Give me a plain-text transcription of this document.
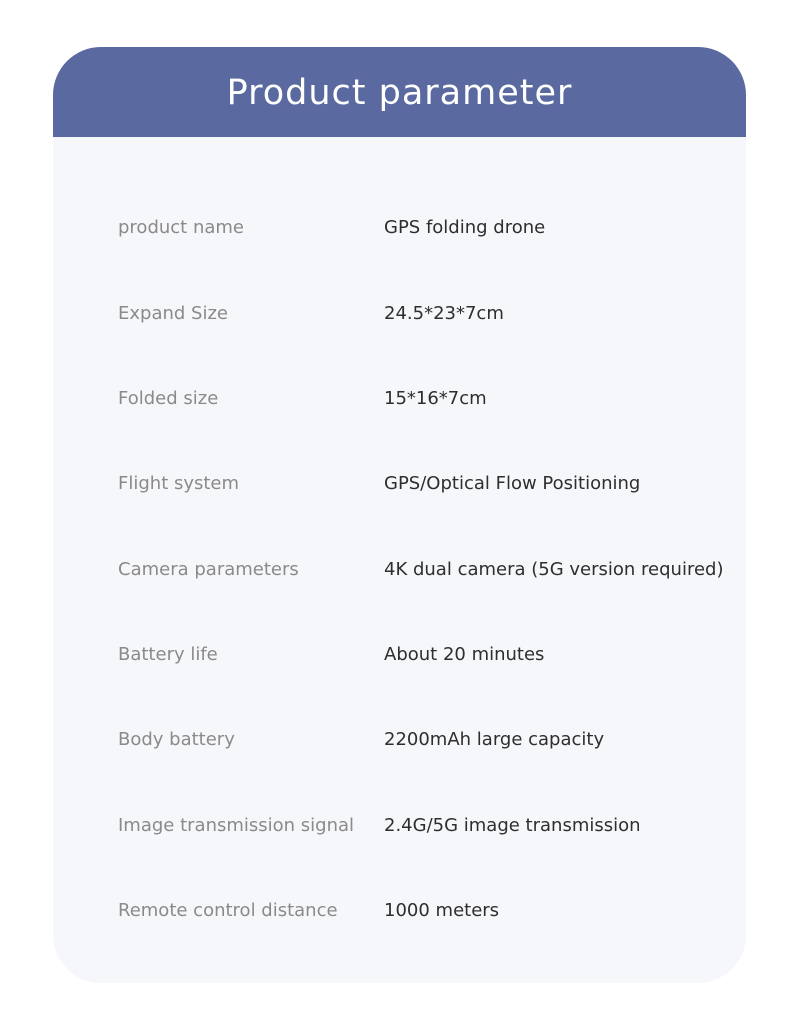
Product parameter
product name	GPS folding drone
Expand Size	24.5*23*7cm
Folded size	15*16*7cm
Flight system	GPS/Optical Flow Positioning
Camera parameters	4K dual camera (5G version required)
Battery life	About 20 minutes
Body battery	2200mAh large capacity
Image transmission signal 2.4G/5G image transmission
Remote control distance	1000 meters
